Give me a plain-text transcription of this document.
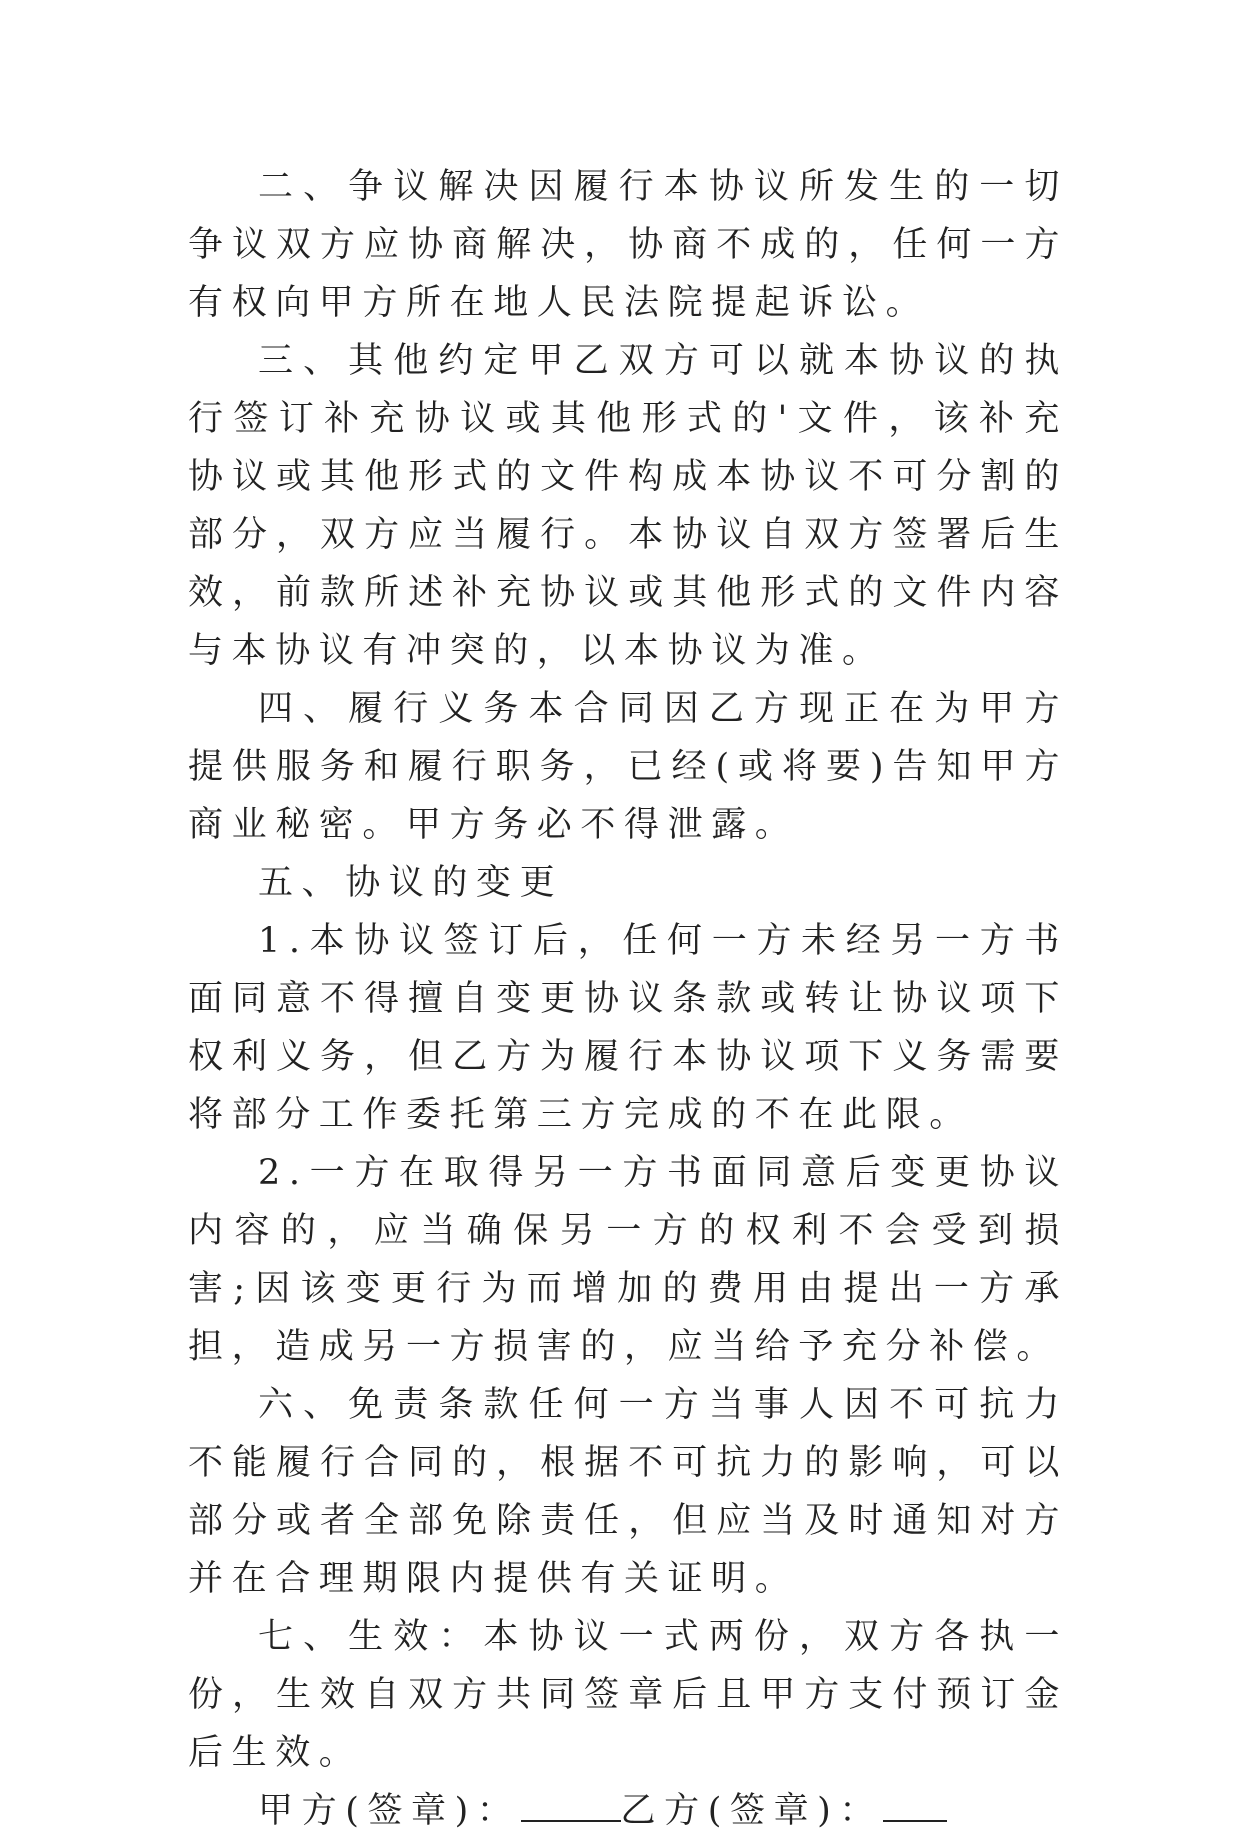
二、争议解决因履行本协议所发生的一切争议双方应协商解决，协商不成的，任何一方有权向甲方所在地人民法院提起诉讼。

三、其他约定甲乙双方可以就本协议的执行签订补充协议或其他形式的'文件，该补充协议或其他形式的文件构成本协议不可分割的部分，双方应当履行。本协议自双方签署后生效，前款所述补充协议或其他形式的文件内容与本协议有冲突的，以本协议为准。

四、履行义务本合同因乙方现正在为甲方提供服务和履行职务，已经(或将要)告知甲方商业秘密。甲方务必不得泄露。

五、协议的变更

1.本协议签订后，任何一方未经另一方书面同意不得擅自变更协议条款或转让协议项下权利义务，但乙方为履行本协议项下义务需要将部分工作委托第三方完成的不在此限。

2.一方在取得另一方书面同意后变更协议内容的，应当确保另一方的权利不会受到损害;因该变更行为而增加的费用由提出一方承担，造成另一方损害的，应当给予充分补偿。

六、免责条款任何一方当事人因不可抗力不能履行合同的，根据不可抗力的影响，可以部分或者全部免除责任，但应当及时通知对方并在合理期限内提供有关证明。

七、生效：本协议一式两份，双方各执一份，生效自双方共同签章后且甲方支付预订金后生效。

甲方(签章)：	乙方(签章)：
